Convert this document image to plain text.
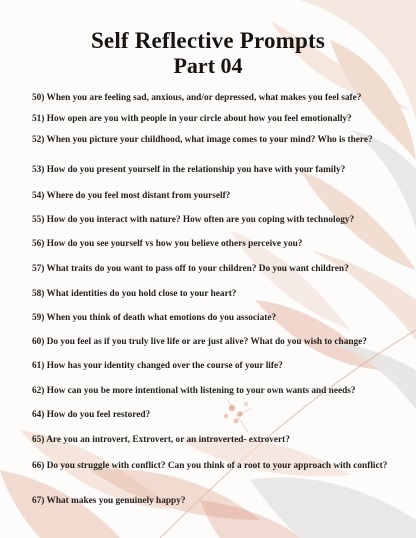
Self Reflective Prompts
Part 04

50) When you are feeling sad, anxious, and/or depressed, what makes you feel safe?

51) How open are you with people in your circle about how you feel emotionally?

52) When you picture your childhood, what image comes to your mind? Who is there?

53) How do you present yourself in the relationship you have with your family?

54) Where do you feel most distant from yourself?

55) How do you interact with nature? How often are you coping with technology?

56) How do you see yourself vs how you believe others perceive you?

57) What traits do you want to pass off to your children? Do you want children?

58) What identities do you hold close to your heart?

59) When you think of death what emotions do you associate?

60) Do you feel as if you truly live life or are just alive? What do you wish to change?

61) How has your identity changed over the course of your life?

62) How can you be more intentional with listening to your own wants and needs?

64) How do you feel restored?

65) Are you an introvert, Extrovert, or an introverted- extrovert?

66) Do you struggle with conflict? Can you think of a root to your approach with conflict?

67) What makes you genuinely happy?
